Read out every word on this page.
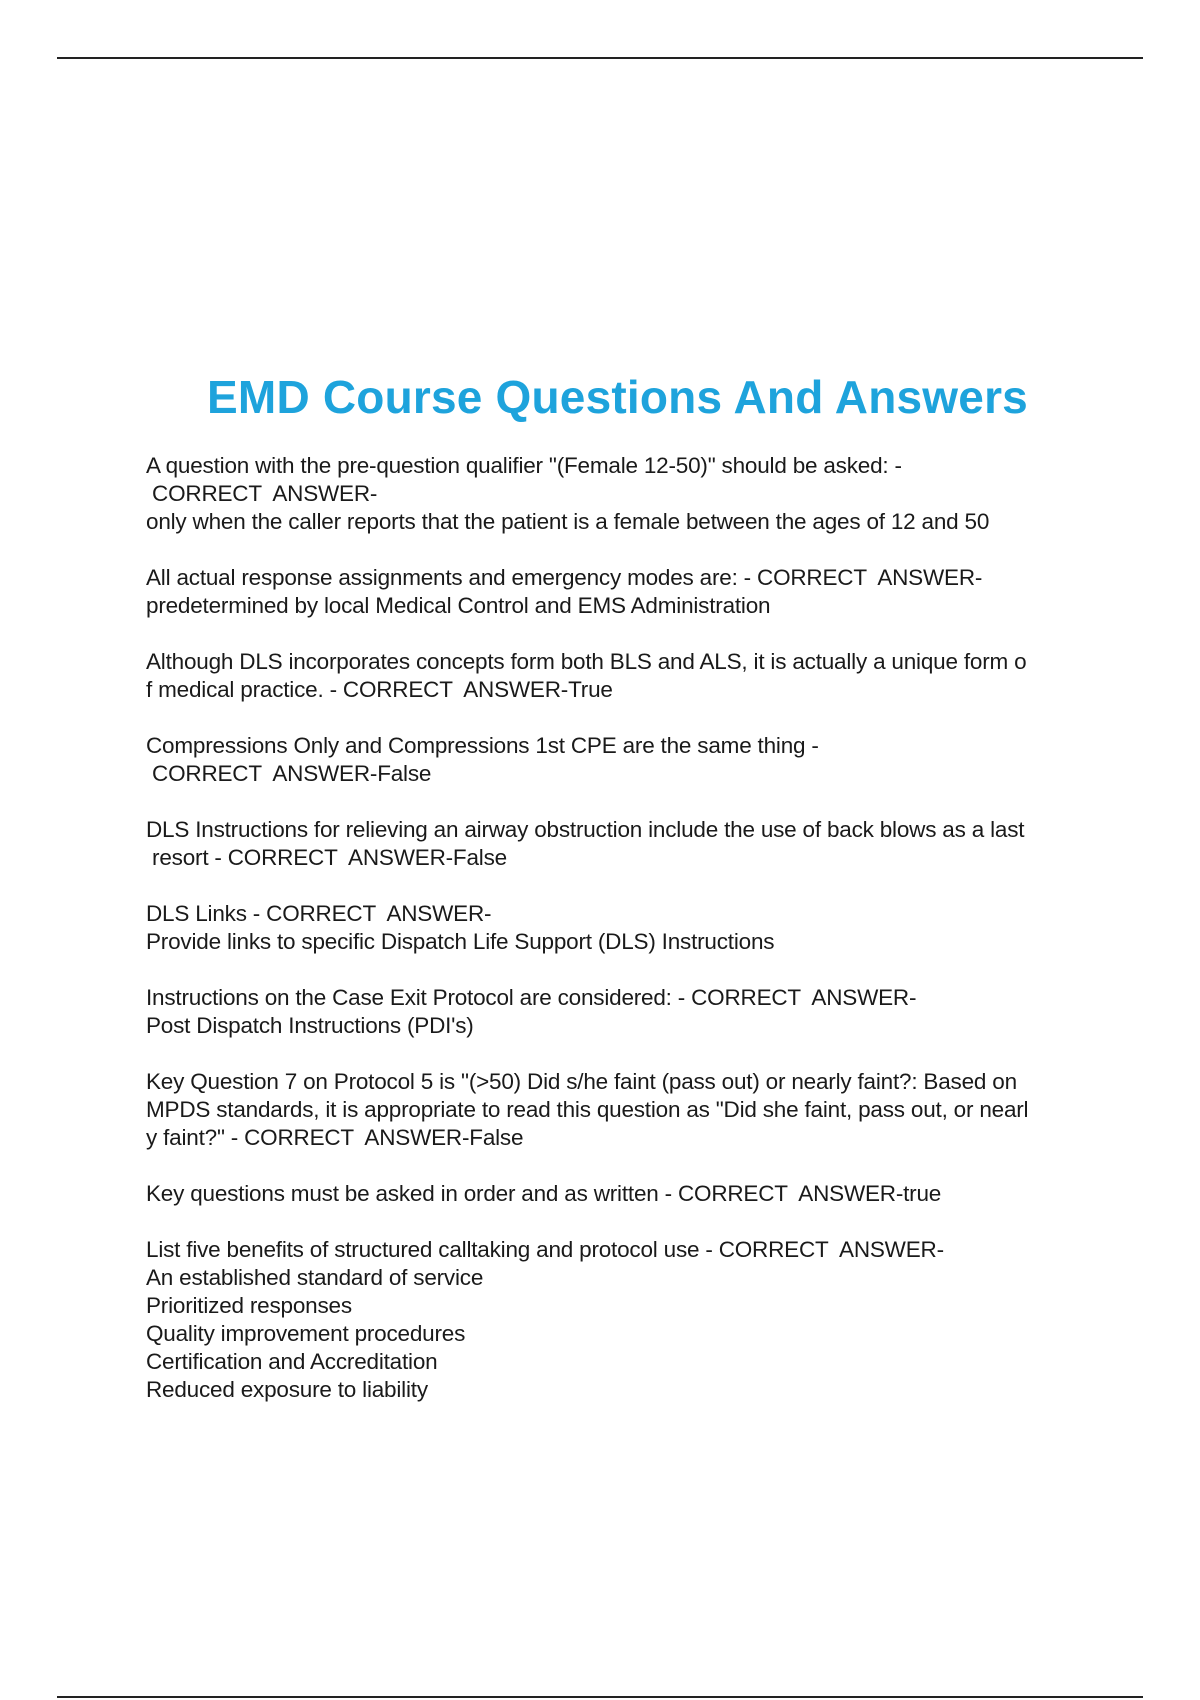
EMD Course Questions And Answers
A question with the pre-question qualifier "(Female 12-50)" should be asked: -
CORRECT  ANSWER-
only when the caller reports that the patient is a female between the ages of 12 and 50
All actual response assignments and emergency modes are: - CORRECT  ANSWER-
predetermined by local Medical Control and EMS Administration
Although DLS incorporates concepts form both BLS and ALS, it is actually a unique form o
f medical practice. - CORRECT  ANSWER-True
Compressions Only and Compressions 1st CPE are the same thing -
CORRECT  ANSWER-False
DLS Instructions for relieving an airway obstruction include the use of back blows as a last
resort - CORRECT  ANSWER-False
DLS Links - CORRECT  ANSWER-
Provide links to specific Dispatch Life Support (DLS) Instructions
Instructions on the Case Exit Protocol are considered: - CORRECT  ANSWER-
Post Dispatch Instructions (PDI's)
Key Question 7 on Protocol 5 is "(>50) Did s/he faint (pass out) or nearly faint?: Based on
MPDS standards, it is appropriate to read this question as "Did she faint, pass out, or nearl
y faint?" - CORRECT  ANSWER-False
Key questions must be asked in order and as written - CORRECT  ANSWER-true
List five benefits of structured calltaking and protocol use - CORRECT  ANSWER-
An established standard of service
Prioritized responses
Quality improvement procedures
Certification and Accreditation
Reduced exposure to liability
